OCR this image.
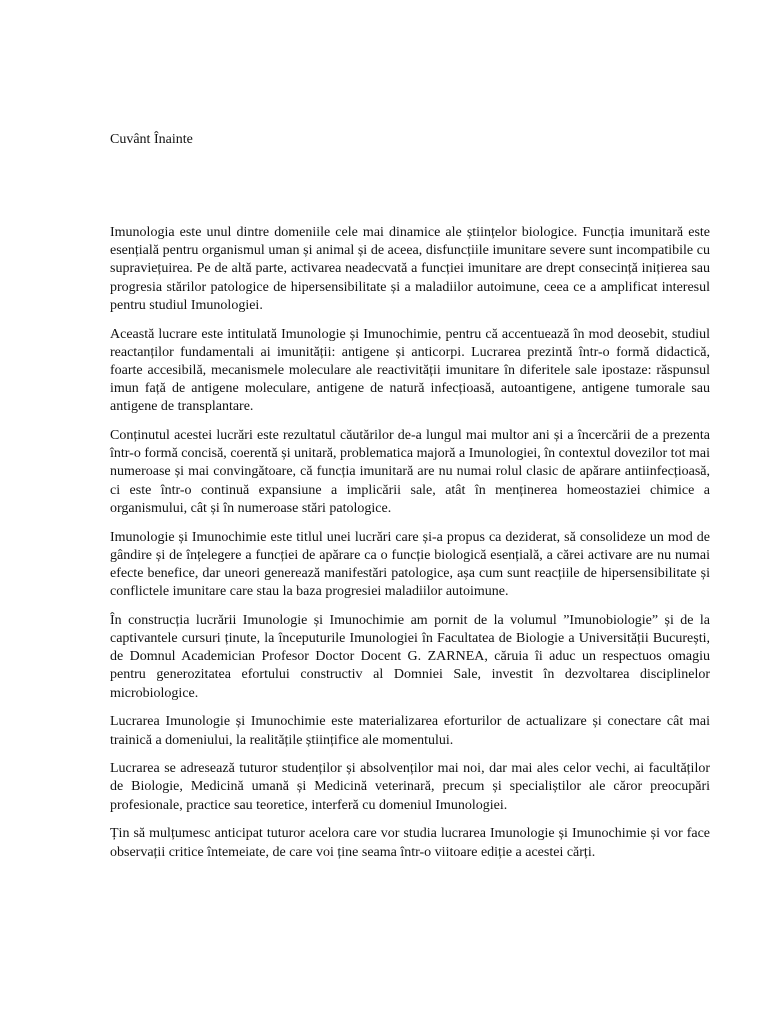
Cuvânt Înainte

Imunologia este unul dintre domeniile cele mai dinamice ale științelor biologice. Funcția imunitară este esențială pentru organismul uman și animal și de aceea, disfuncțiile imunitare severe sunt incompatibile cu supraviețuirea. Pe de altă parte, activarea neadecvată a funcției imunitare are drept consecință inițierea sau progresia stărilor patologice de hipersensibilitate și a maladiilor autoimune, ceea ce a amplificat interesul pentru studiul Imunologiei.

Această lucrare este intitulată Imunologie și Imunochimie, pentru că accentuează în mod deosebit, studiul reactanților fundamentali ai imunității: antigene și anticorpi. Lucrarea prezintă într-o formă didactică, foarte accesibilă, mecanismele moleculare ale reactivității imunitare în diferitele sale ipostaze: răspunsul imun față de antigene moleculare, antigene de natură infecțioasă, autoantigene, antigene tumorale sau antigene de transplantare.

Conținutul acestei lucrări este rezultatul căutărilor de-a lungul mai multor ani și a încercării de a prezenta într-o formă concisă, coerentă și unitară, problematica majoră a Imunologiei, în contextul dovezilor tot mai numeroase și mai convingătoare, că funcția imunitară are nu numai rolul clasic de apărare antiinfecțioasă, ci este într-o continuă expansiune a implicării sale, atât în menținerea homeostaziei chimice a organismului, cât și în numeroase stări patologice.

Imunologie și Imunochimie este titlul unei lucrări care și-a propus ca deziderat, să consolideze un mod de gândire și de înțelegere a funcției de apărare ca o funcție biologică esențială, a cărei activare are nu numai efecte benefice, dar uneori generează manifestări patologice, așa cum sunt reacțiile de hipersensibilitate și conflictele imunitare care stau la baza progresiei maladiilor autoimune.

În construcția lucrării Imunologie și Imunochimie am pornit de la volumul ”Imunobiologie” și de la captivantele cursuri ținute, la începuturile Imunologiei în Facultatea de Biologie a Universității București, de Domnul Academician Profesor Doctor Docent G. ZARNEA, căruia îi aduc un respectuos omagiu pentru generozitatea efortului constructiv al Domniei Sale, investit în dezvoltarea disciplinelor microbiologice.

Lucrarea Imunologie și Imunochimie este materializarea eforturilor de actualizare și conectare cât mai trainică a domeniului, la realitățile științifice ale momentului.

Lucrarea se adresează tuturor studenților și absolvenților mai noi, dar mai ales celor vechi, ai facultăților de Biologie, Medicină umană și Medicină veterinară, precum și specialiștilor ale căror preocupări profesionale, practice sau teoretice, interferă cu domeniul Imunologiei.

Țin să mulțumesc anticipat tuturor acelora care vor studia lucrarea Imunologie și Imunochimie și vor face observații critice întemeiate, de care voi ține seama într-o viitoare ediție a acestei cărți.
